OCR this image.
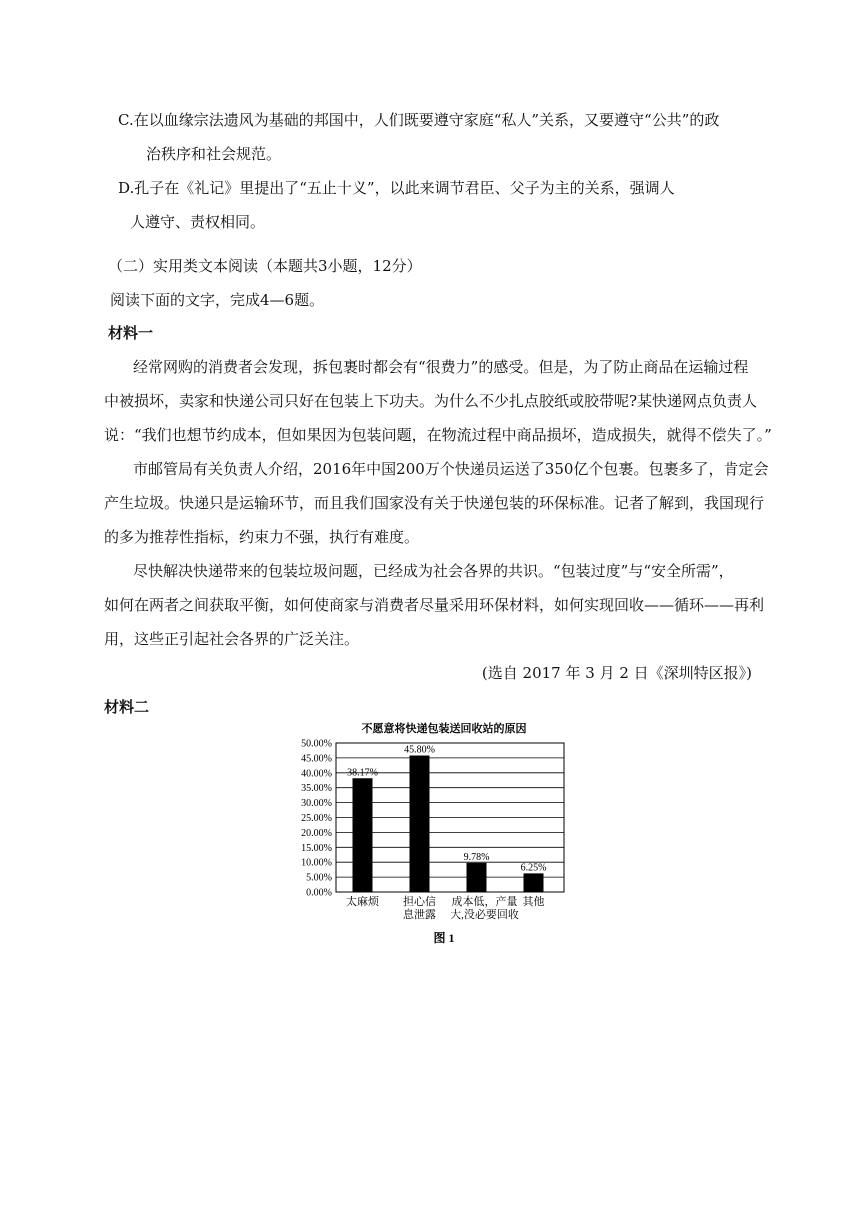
C.在以血缘宗法遗风为基础的邦国中，人们既要遵守家庭“私人”关系，又要遵守“公共”的政
治秩序和社会规范。
D.孔子在《礼记》里提出了“五止十义”，以此来调节君臣、父子为主的关系，强调人
人遵守、责权相同。
（二）实用类文本阅读（本题共3小题，12分）
阅读下面的文字，完成4—6题。
材料一
经常网购的消费者会发现，拆包裹时都会有“很费力”的感受。但是，为了防止商品在运输过程
中被损坏，卖家和快递公司只好在包装上下功夫。为什么不少扎点胶纸或胶带呢?某快递网点负责人
说：“我们也想节约成本，但如果因为包装问题，在物流过程中商品损坏，造成损失，就得不偿失了。”
市邮管局有关负责人介绍，2016年中国200万个快递员运送了350亿个包裹。包裹多了，肯定会
产生垃圾。快递只是运输环节，而且我们国家没有关于快递包装的环保标准。记者了解到，我国现行
的多为推荐性指标，约束力不强，执行有难度。
尽快解决快递带来的包装垃圾问题，已经成为社会各界的共识。“包装过度”与“安全所需”，
如何在两者之间获取平衡，如何使商家与消费者尽量采用环保材料，如何实现回收——循环——再利
用，这些正引起社会各界的广泛关注。
(选自 2017 年 3 月 2 日《深圳特区报》)
材料二
不愿意将快递包装送回收站的原因
0.00%
5.00%
10.00%
15.00%
20.00%
25.00%
30.00%
35.00%
40.00%
45.00%
50.00%
38.17%
太麻烦
45.80%
担心信
息泄露
9.78%
成本低，产量
大,没必要回收
6.25%
其他
图 1
